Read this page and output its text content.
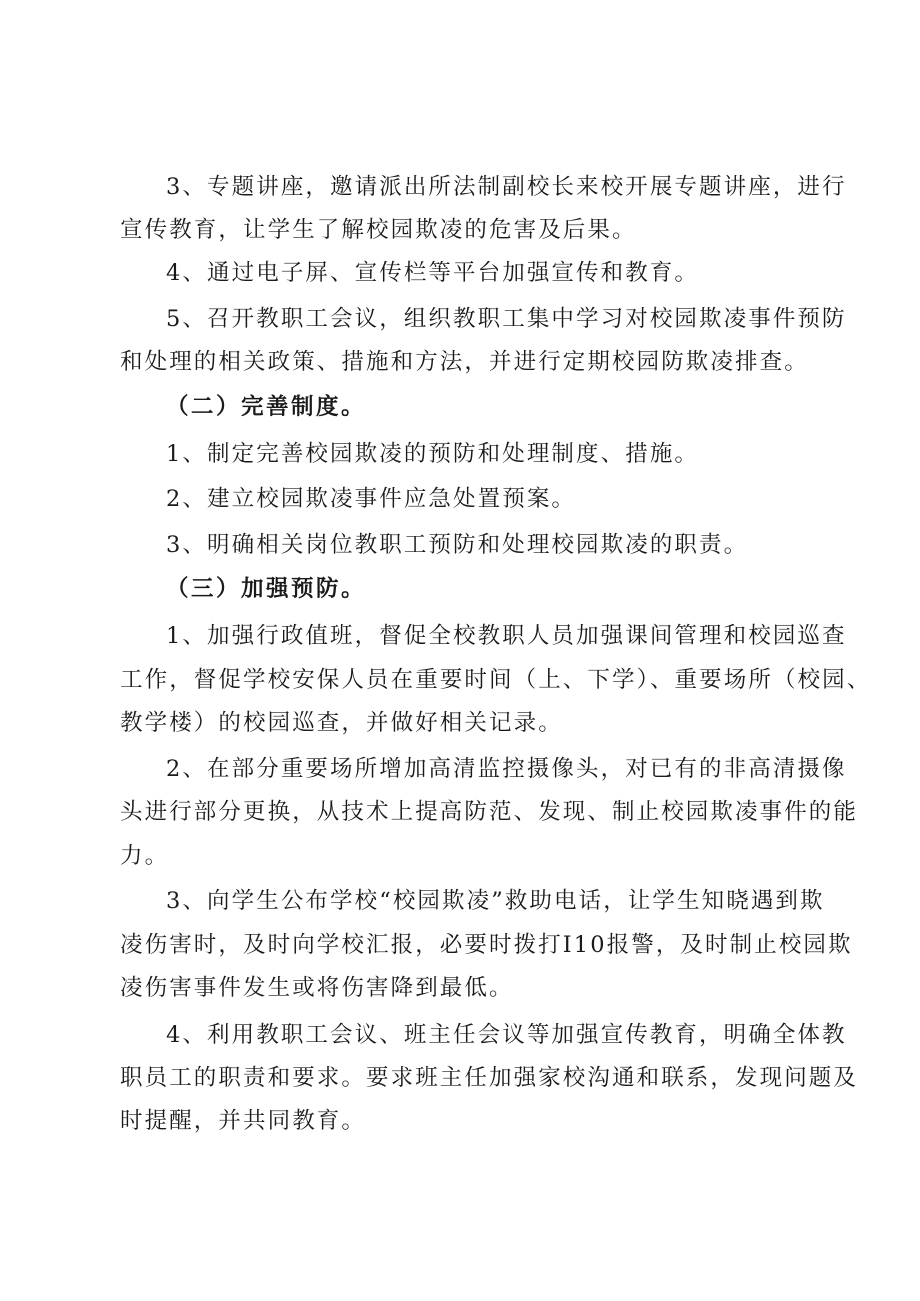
3、专题讲座，邀请派出所法制副校长来校开展专题讲座，进行
宣传教育，让学生了解校园欺凌的危害及后果。
4、通过电子屏、宣传栏等平台加强宣传和教育。
5、召开教职工会议，组织教职工集中学习对校园欺凌事件预防
和处理的相关政策、措施和方法，并进行定期校园防欺凌排查。
（二）完善制度。
1、制定完善校园欺凌的预防和处理制度、措施。
2、建立校园欺凌事件应急处置预案。
3、明确相关岗位教职工预防和处理校园欺凌的职责。
（三）加强预防。
1、加强行政值班，督促全校教职人员加强课间管理和校园巡查
工作，督促学校安保人员在重要时间（上、下学）、重要场所（校园、
教学楼）的校园巡查，并做好相关记录。
2、在部分重要场所增加高清监控摄像头，对已有的非高清摄像
头进行部分更换，从技术上提高防范、发现、制止校园欺凌事件的能
力。
3、向学生公布学校“校园欺凌”救助电话，让学生知晓遇到欺
凌伤害时，及时向学校汇报，必要时拨打I10报警，及时制止校园欺
凌伤害事件发生或将伤害降到最低。
4、利用教职工会议、班主任会议等加强宣传教育，明确全体教
职员工的职责和要求。要求班主任加强家校沟通和联系，发现问题及
时提醒，并共同教育。
